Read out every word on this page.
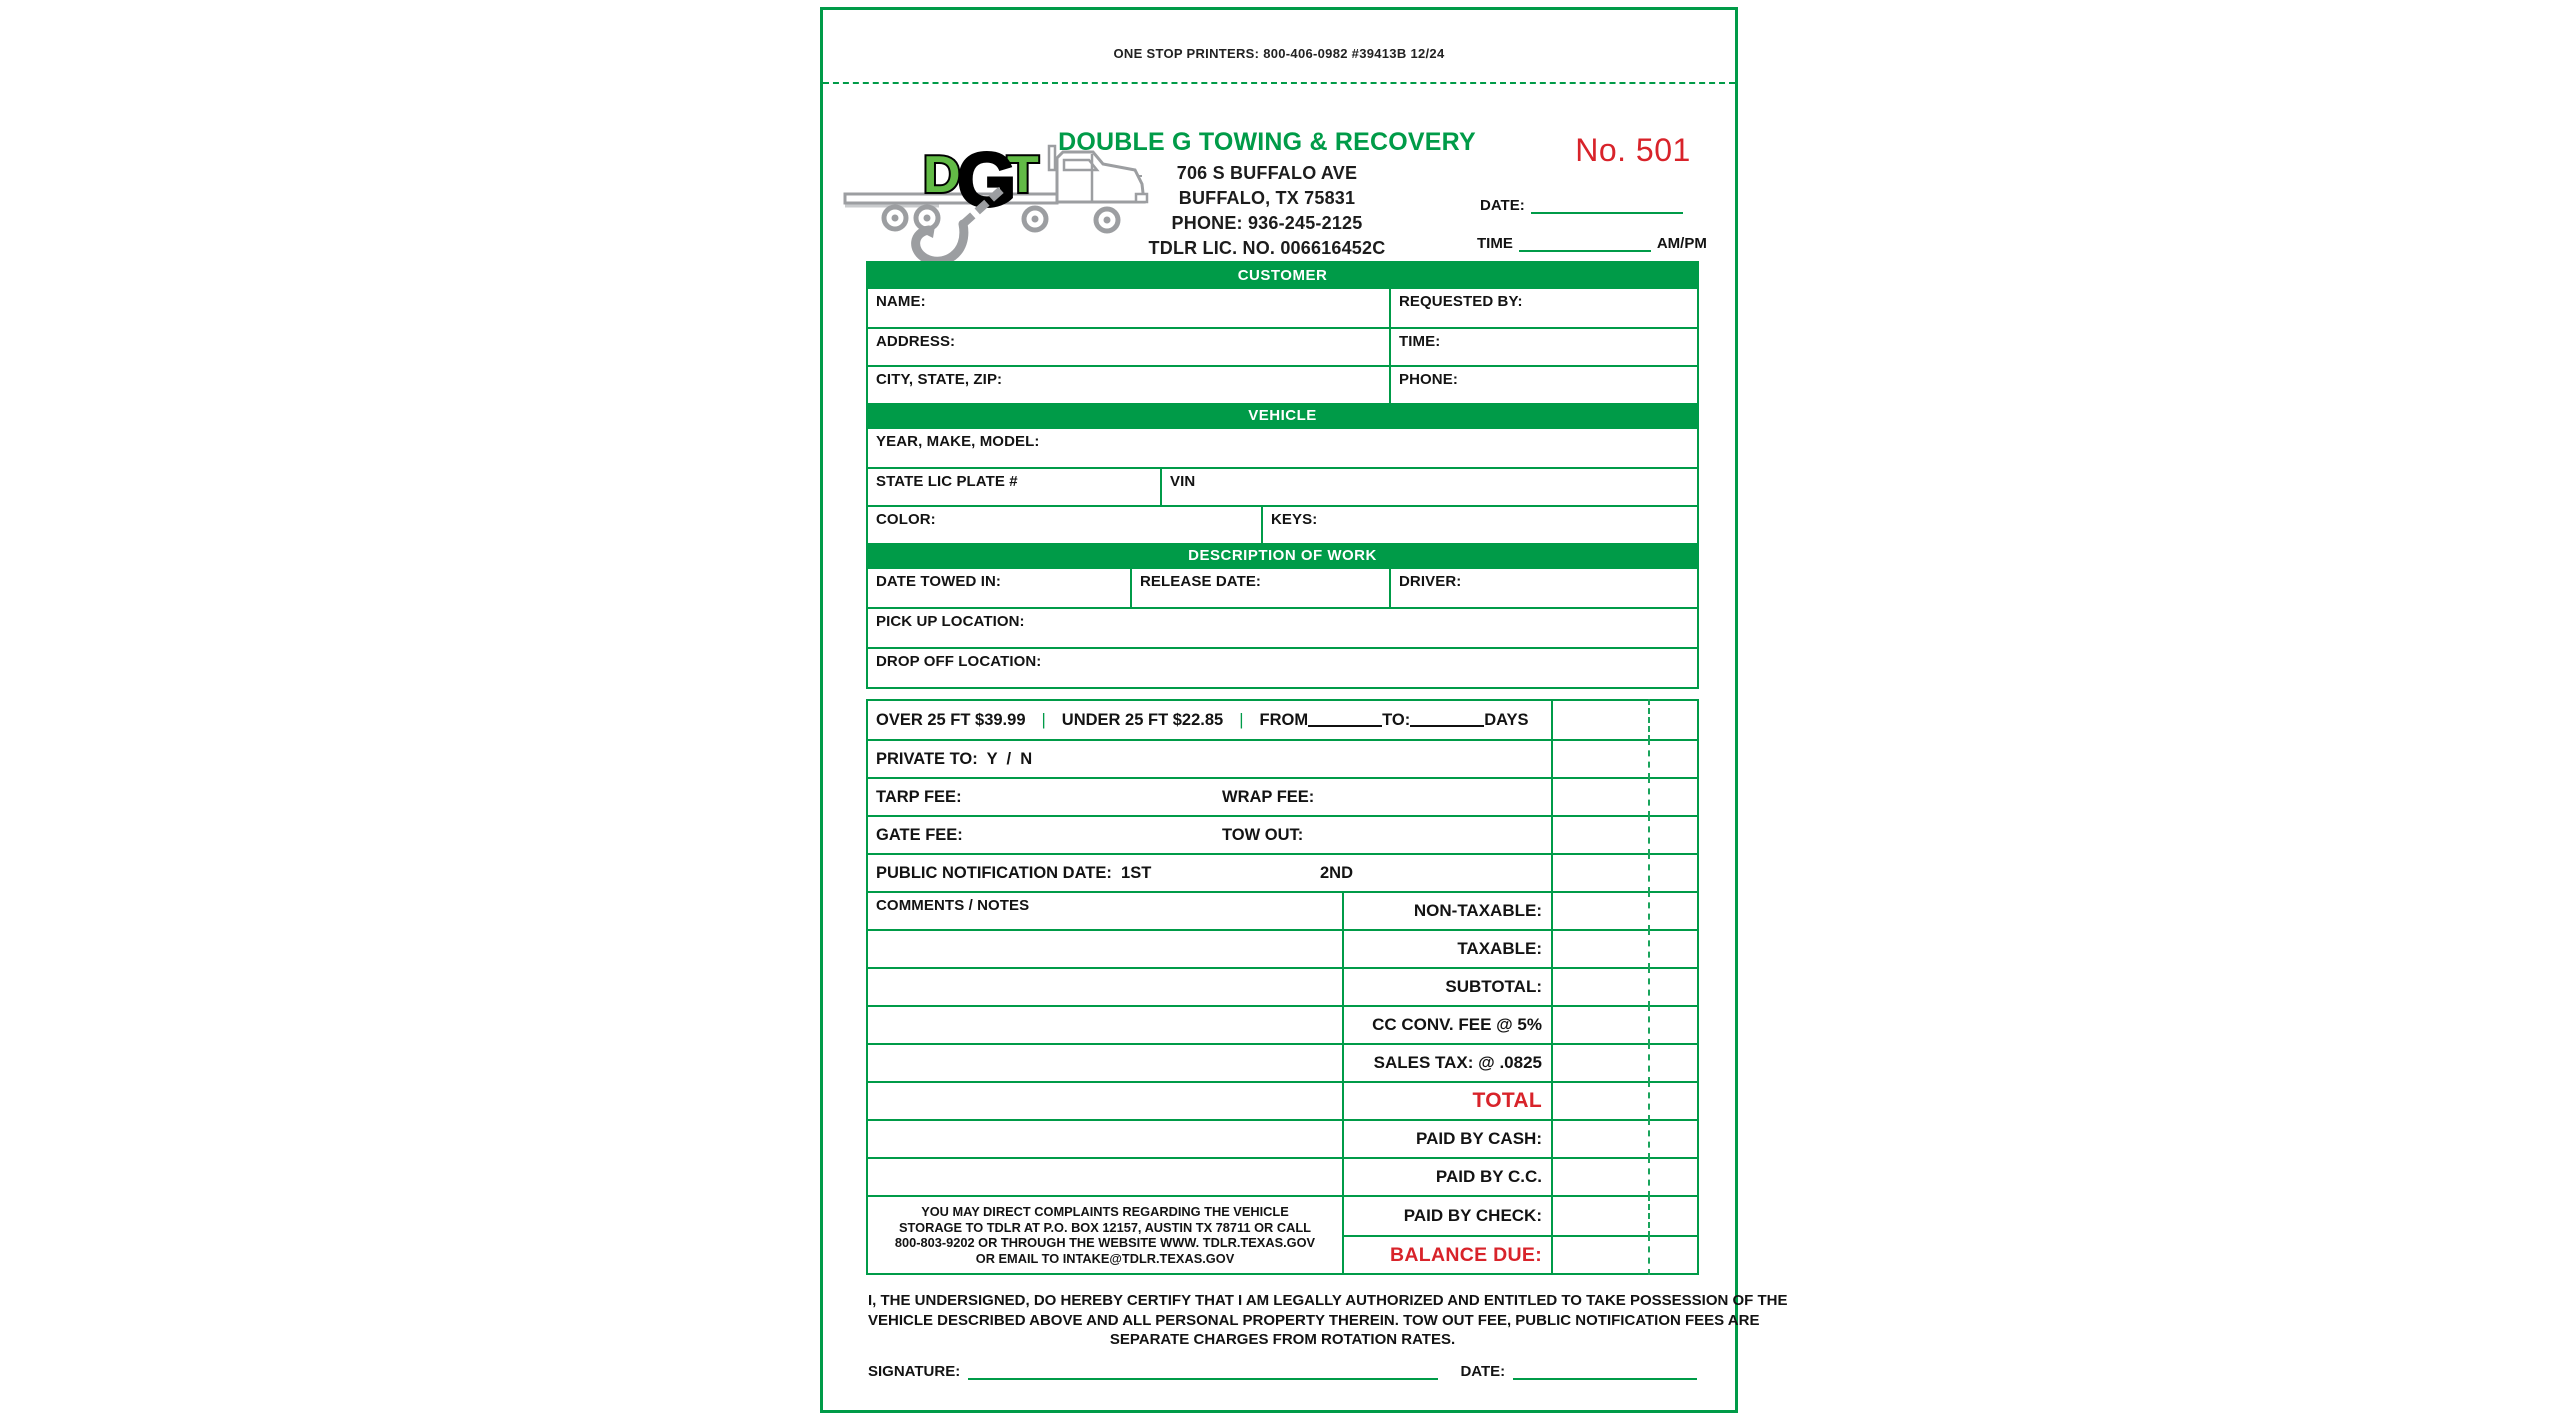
ONE STOP PRINTERS: 800-406-0982 #39413B 12/24
D T
G	DOUBLE G TOWING & RECOVERY
706 S BUFFALO AVE
BUFFALO, TX 75831
PHONE: 936-245-2125
TDLR LIC. NO. 006616452C
No. 501
DATE:
TIME	AM/PM
CUSTOMER
NAME:	REQUESTED BY:
ADDRESS:	TIME:
CITY, STATE, ZIP:	PHONE:
VEHICLE
YEAR, MAKE, MODEL:
STATE LIC PLATE #	VIN
COLOR:	KEYS:
DESCRIPTION OF WORK
DATE TOWED IN:	RELEASE DATE:	DRIVER:
PICK UP LOCATION:
DROP OFF LOCATION:
OVER 25 FT $39.99 | UNDER 25 FT $22.85 | FROM	TO:	DAYS
PRIVATE TO:  Y  /  N
TARP FEE:	WRAP FEE:
GATE FEE:	TOW OUT:
PUBLIC NOTIFICATION DATE:  1ST	2ND
COMMENTS / NOTES	NON-TAXABLE:
TAXABLE:
SUBTOTAL:
CC CONV. FEE @ 5%
SALES TAX: @ .0825
TOTAL
PAID BY CASH:
PAID BY C.C.
YOU MAY DIRECT COMPLAINTS REGARDING THE VEHICLE
STORAGE TO TDLR AT P.O. BOX 12157, AUSTIN TX 78711 OR CALL
800-803-9202 OR THROUGH THE WEBSITE WWW. TDLR.TEXAS.GOV
OR EMAIL TO INTAKE@TDLR.TEXAS.GOV
PAID BY CHECK:
BALANCE DUE:
I, THE UNDERSIGNED, DO HEREBY CERTIFY THAT I AM LEGALLY AUTHORIZED AND ENTITLED TO TAKE POSSESSION OF THE
VEHICLE DESCRIBED ABOVE AND ALL PERSONAL PROPERTY THEREIN. TOW OUT FEE, PUBLIC NOTIFICATION FEES ARE
SEPARATE CHARGES FROM ROTATION RATES.
SIGNATURE:	DATE:
